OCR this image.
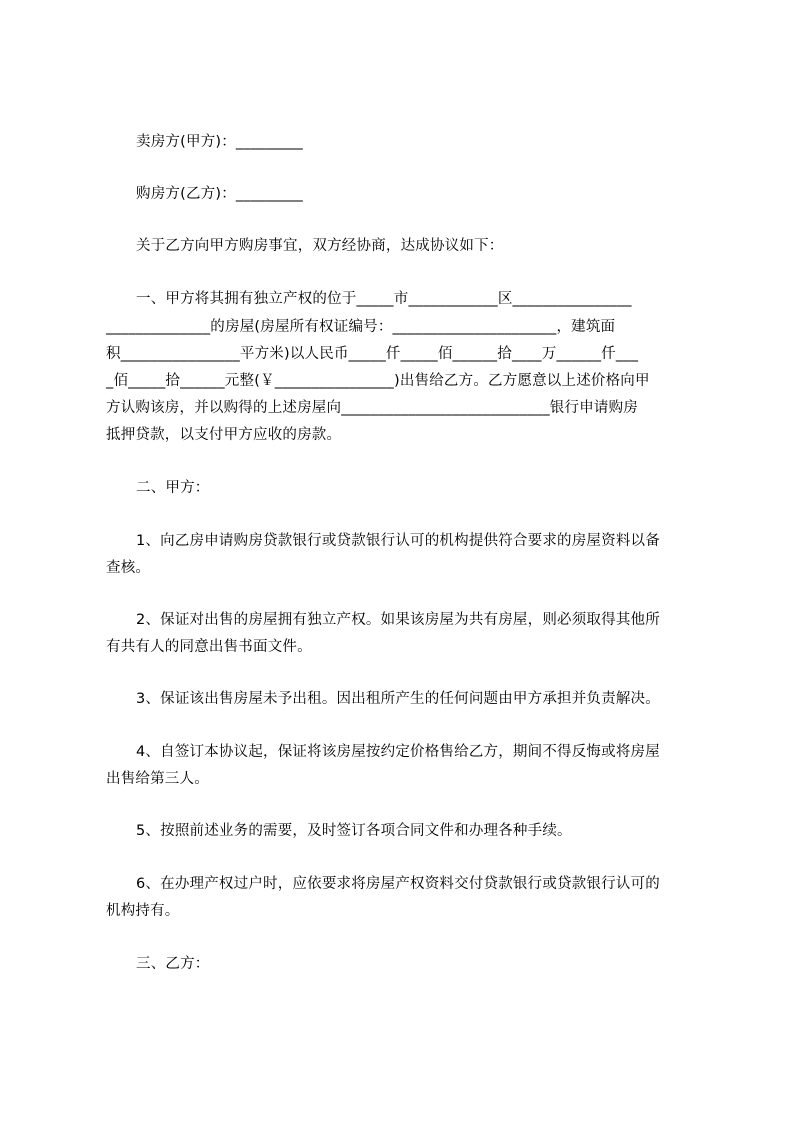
卖房方(甲方)：_________
购房方(乙方)：_________
关于乙方向甲方购房事宜，双方经协商，达成协议如下：
一、甲方将其拥有独立产权的位于_____市____________区________________
______________的房屋(房屋所有权证编号：______________________，建筑面
积________________平方米)以人民币_____仟_____佰______拾____万______仟___
_佰_____拾______元整(￥________________)出售给乙方。乙方愿意以上述价格向甲
方认购该房，并以购得的上述房屋向____________________________银行申请购房
抵押贷款，以支付甲方应收的房款。
二、甲方：
1、向乙房申请购房贷款银行或贷款银行认可的机构提供符合要求的房屋资料以备
查核。
2、保证对出售的房屋拥有独立产权。如果该房屋为共有房屋，则必须取得其他所
有共有人的同意出售书面文件。
3、保证该出售房屋未予出租。因出租所产生的任何问题由甲方承担并负责解决。
4、自签订本协议起，保证将该房屋按约定价格售给乙方，期间不得反悔或将房屋
出售给第三人。
5、按照前述业务的需要，及时签订各项合同文件和办理各种手续。
6、在办理产权过户时，应依要求将房屋产权资料交付贷款银行或贷款银行认可的
机构持有。
三、乙方：
